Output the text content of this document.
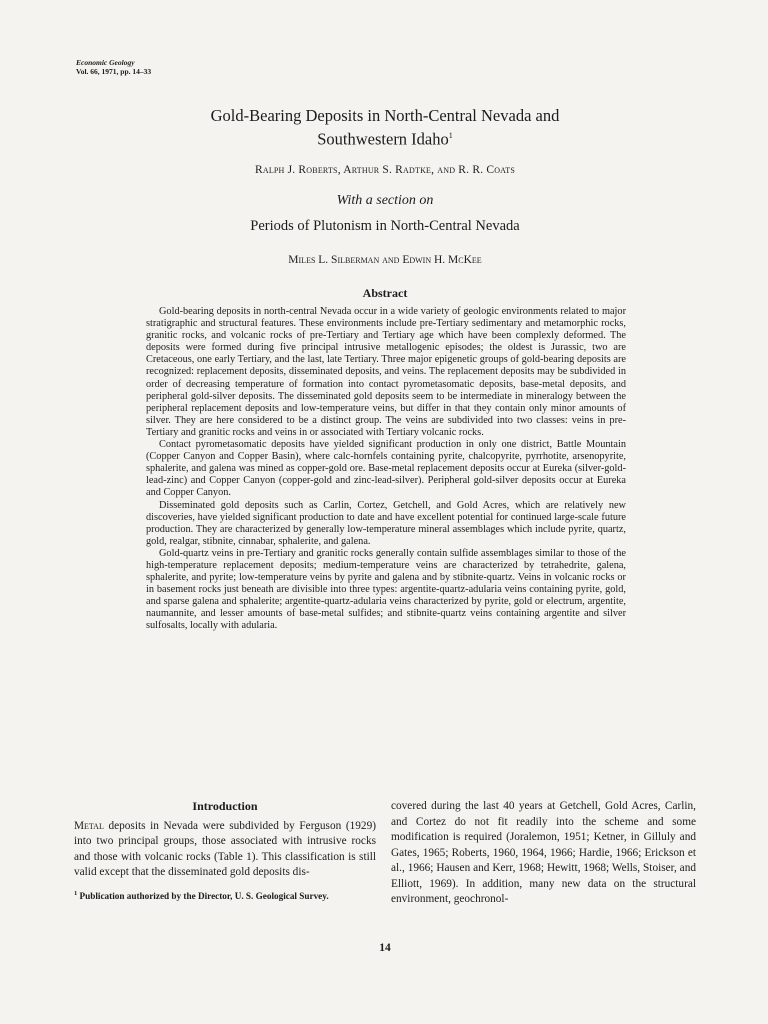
Economic Geology
Vol. 66, 1971, pp. 14–33
Gold-Bearing Deposits in North-Central Nevada and
Southwestern Idaho$^1$
Ralph J. Roberts, Arthur S. Radtke, and R. R. Coats
With a section on
Periods of Plutonism in North-Central Nevada
Miles L. Silberman and Edwin H. McKee
Abstract

Gold-bearing deposits in north-central Nevada occur in a wide variety of geologic environments related to major stratigraphic and structural features. These environments include pre-Tertiary sedimentary and metamorphic rocks, granitic rocks, and volcanic rocks of pre-Tertiary and Tertiary age which have been complexly deformed. The deposits were formed during five principal intrusive metallogenic episodes; the oldest is Jurassic, two are Cretaceous, one early Tertiary, and the last, late Tertiary. Three major epigenetic groups of gold-bearing deposits are recognized: replacement deposits, disseminated deposits, and veins. The replacement deposits may be subdivided in order of decreasing temperature of formation into contact pyrometasomatic deposits, base-metal deposits, and peripheral gold-silver deposits. The disseminated gold deposits seem to be intermediate in mineralogy between the peripheral replacement deposits and low-temperature veins, but differ in that they contain only minor amounts of silver. They are here considered to be a distinct group. The veins are subdivided into two classes: veins in pre-Tertiary and granitic rocks and veins in or associated with Tertiary volcanic rocks.

Contact pyrometasomatic deposits have yielded significant production in only one district, Battle Mountain (Copper Canyon and Copper Basin), where calc-hornfels containing pyrite, chalcopyrite, pyrrhotite, arsenopyrite, sphalerite, and galena was mined as copper-gold ore. Base-metal replacement deposits occur at Eureka (silver-gold-lead-zinc) and Copper Canyon (copper-gold and zinc-lead-silver). Peripheral gold-silver deposits occur at Eureka and Copper Canyon.

Disseminated gold deposits such as Carlin, Cortez, Getchell, and Gold Acres, which are relatively new discoveries, have yielded significant production to date and have excellent potential for continued large-scale future production. They are characterized by generally low-temperature mineral assemblages which include pyrite, quartz, gold, realgar, stibnite, cinnabar, sphalerite, and galena.

Gold-quartz veins in pre-Tertiary and granitic rocks generally contain sulfide assemblages similar to those of the high-temperature replacement deposits; medium-temperature veins are characterized by tetrahedrite, galena, sphalerite, and pyrite; low-temperature veins by pyrite and galena and by stibnite-quartz. Veins in volcanic rocks or in basement rocks just beneath are divisible into three types: argentite-quartz-adularia veins containing pyrite, gold, and sparse galena and sphalerite; argentite-quartz-adularia veins characterized by pyrite, gold or electrum, argentite, naumannite, and lesser amounts of base-metal sulfides; and stibnite-quartz veins containing argentite and silver sulfosalts, locally with adularia.

Introduction

Metal deposits in Nevada were subdivided by Ferguson (1929) into two principal groups, those associated with intrusive rocks and those with volcanic rocks (Table 1). This classification is still valid except that the disseminated gold deposits dis-

$^1$ Publication authorized by the Director, U. S. Geological Survey.

covered during the last 40 years at Getchell, Gold Acres, Carlin, and Cortez do not fit readily into the scheme and some modification is required (Joralemon, 1951; Ketner, in Gilluly and Gates, 1965; Roberts, 1960, 1964, 1966; Hardie, 1966; Erickson et al., 1966; Hausen and Kerr, 1968; Hewitt, 1968; Wells, Stoiser, and Elliott, 1969). In addition, many new data on the structural environment, geochronol-

14
